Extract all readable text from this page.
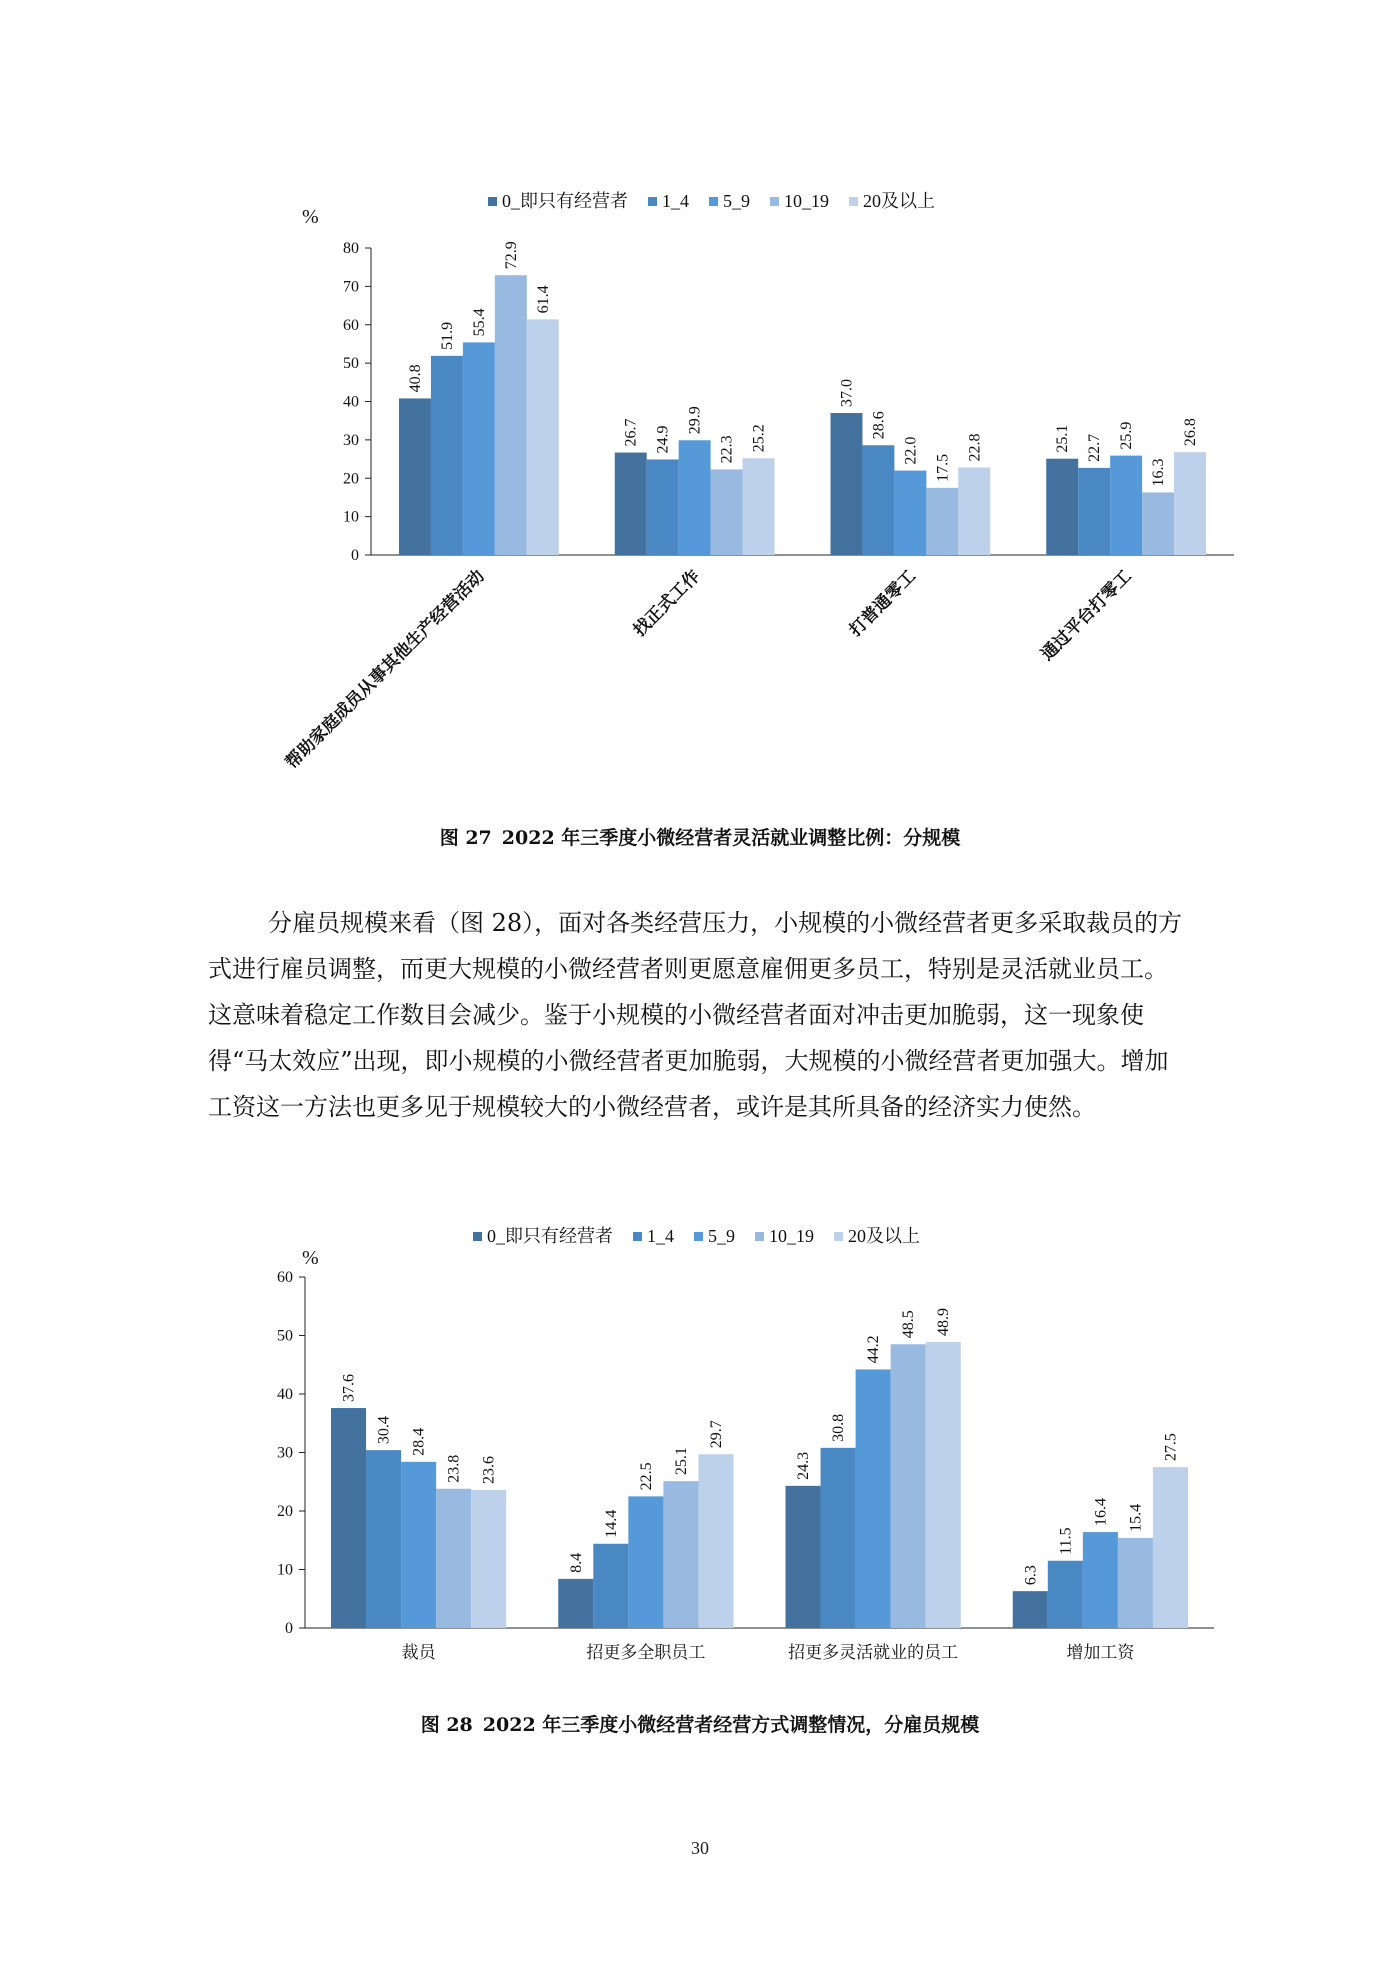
0_即只有经营者 1_4 5_9 10_19 20及以上
%
0
10
20
30
40
50
60
70
80
40.8
51.9 55.4
72.9
61.4
帮助家庭成员从事其他生产经营活动
26.7 24.9
29.9
22.3 25.2
找正式工作
37.0
28.6
22.0
17.5
22.8
打普通零工
25.1 22.7 25.9
16.3
26.8
通过平台打零工
图 27 2022 年三季度小微经营者灵活就业调整比例：分规模

分雇员规模来看（图 28），面对各类经营压力，小规模的小微经营者更多采取裁员的方式进行雇员调整，而更大规模的小微经营者则更愿意雇佣更多员工，特别是灵活就业员工。这意味着稳定工作数目会减少。鉴于小规模的小微经营者面对冲击更加脆弱，这一现象使得“马太效应”出现，即小规模的小微经营者更加脆弱，大规模的小微经营者更加强大。增加工资这一方法也更多见于规模较大的小微经营者，或许是其所具备的经济实力使然。

0_即只有经营者 1_4 5_9 10_19 20及以上
%
0
10
20
30
40
50
60
37.6
30.4 28.4
23.8 23.6
裁员
8.4
14.4
22.5
25.1
29.7
招更多全职员工
24.3
30.8
44.2
48.5 48.9
招更多灵活就业的员工
6.3
11.5
16.4 15.4
27.5
增加工资
图 28 2022 年三季度小微经营者经营方式调整情况，分雇员规模
30
